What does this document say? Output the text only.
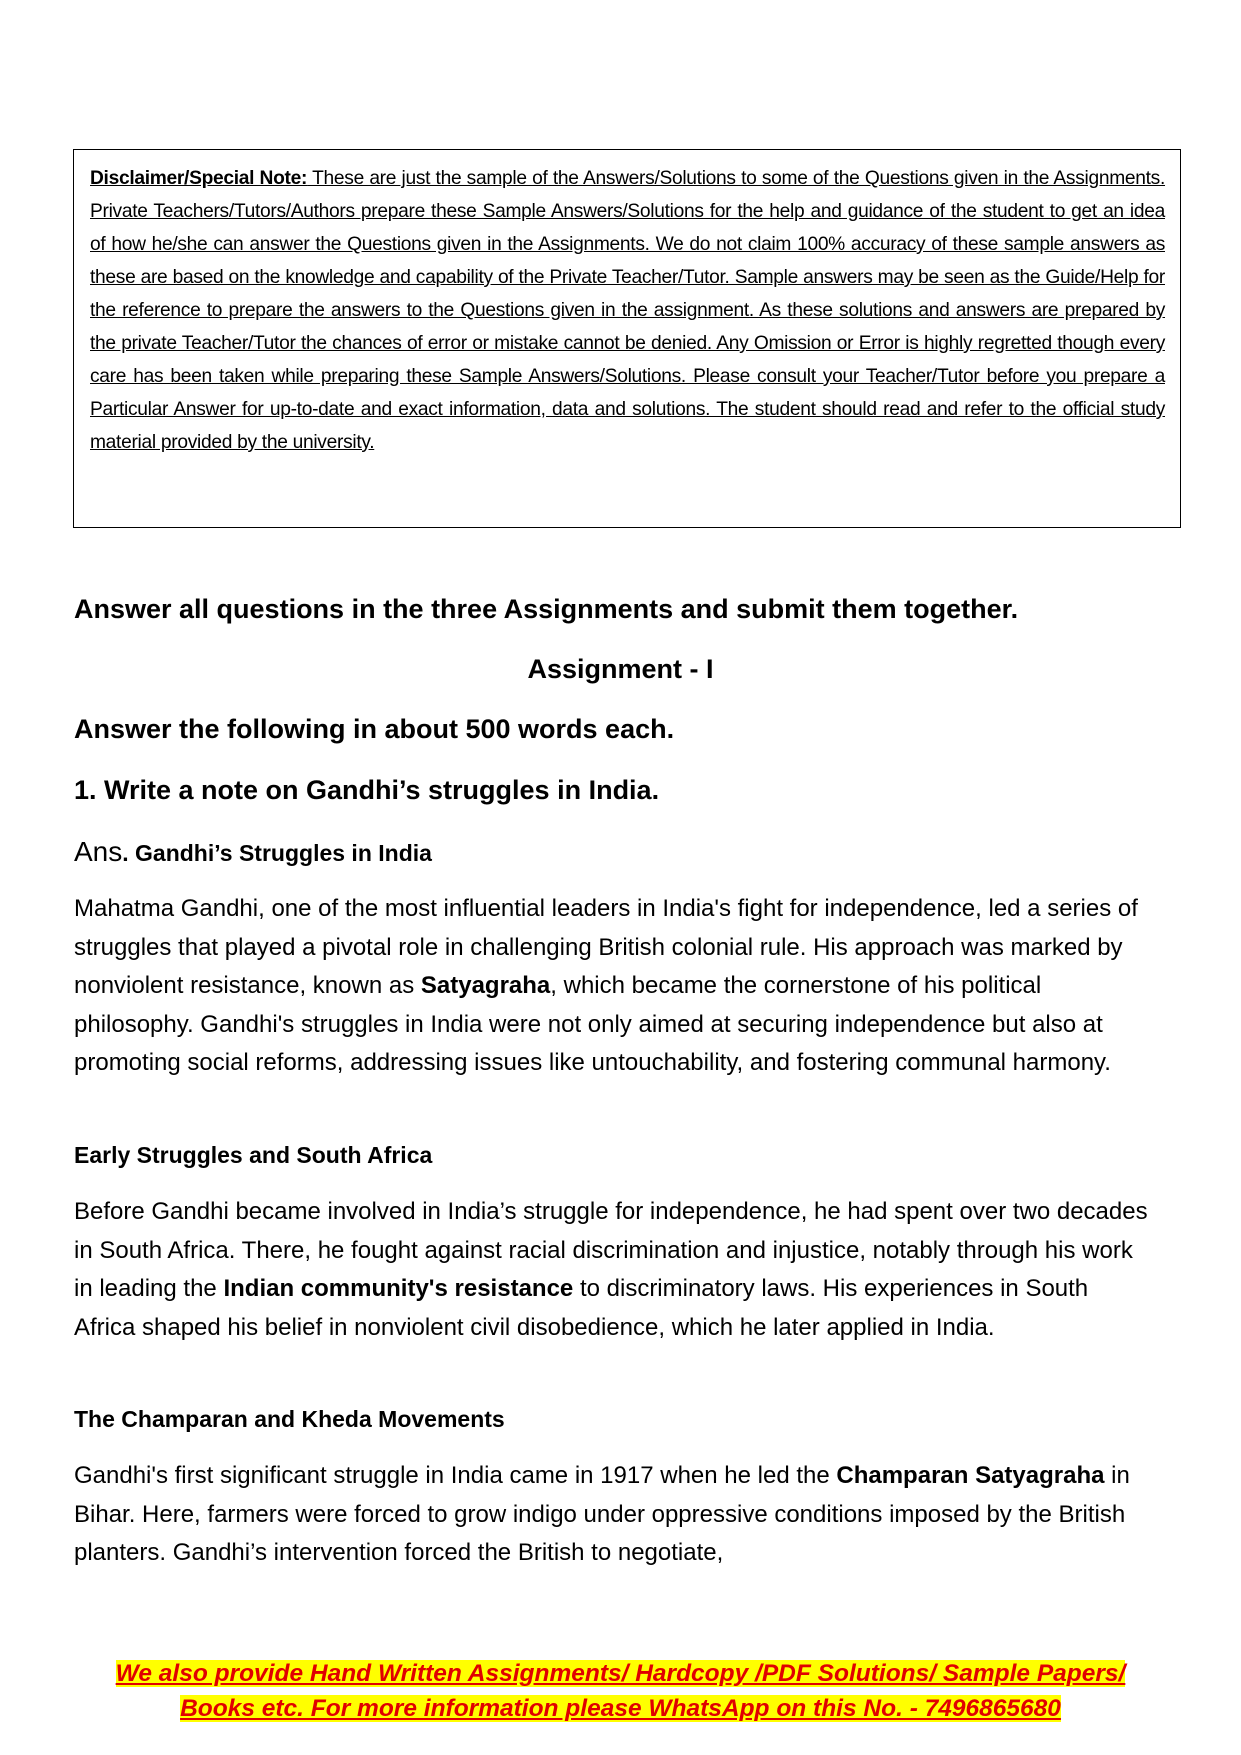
Disclaimer/Special Note: These are just the sample of the Answers/Solutions to some of the Questions given in the Assignments. Private Teachers/Tutors/Authors prepare these Sample Answers/Solutions for the help and guidance of the student to get an idea of how he/she can answer the Questions given in the Assignments. We do not claim 100% accuracy of these sample answers as these are based on the knowledge and capability of the Private Teacher/Tutor. Sample answers may be seen as the Guide/Help for the reference to prepare the answers to the Questions given in the assignment. As these solutions and answers are prepared by the private Teacher/Tutor the chances of error or mistake cannot be denied. Any Omission or Error is highly regretted though every care has been taken while preparing these Sample Answers/Solutions. Please consult your Teacher/Tutor before you prepare a Particular Answer for up-to-date and exact information, data and solutions. The student should read and refer to the official study material provided by the university.

Answer all questions in the three Assignments and submit them together.
Assignment - I
Answer the following in about 500 words each.
1. Write a note on Gandhi’s struggles in India.
Ans. Gandhi’s Struggles in India

Mahatma Gandhi, one of the most influential leaders in India's fight for independence, led a series of struggles that played a pivotal role in challenging British colonial rule. His approach was marked by nonviolent resistance, known as Satyagraha, which became the cornerstone of his political philosophy. Gandhi's struggles in India were not only aimed at securing independence but also at promoting social reforms, addressing issues like untouchability, and fostering communal harmony.

Early Struggles and South Africa

Before Gandhi became involved in India’s struggle for independence, he had spent over two decades in South Africa. There, he fought against racial discrimination and injustice, notably through his work in leading the Indian community's resistance to discriminatory laws. His experiences in South Africa shaped his belief in nonviolent civil disobedience, which he later applied in India.

The Champaran and Kheda Movements

Gandhi's first significant struggle in India came in 1917 when he led the Champaran Satyagraha in Bihar. Here, farmers were forced to grow indigo under oppressive conditions imposed by the British planters. Gandhi’s intervention forced the British to negotiate,

We also provide Hand Written Assignments/ Hardcopy /PDF Solutions/ Sample Papers/
Books etc. For more information please WhatsApp on this No. - 7496865680
